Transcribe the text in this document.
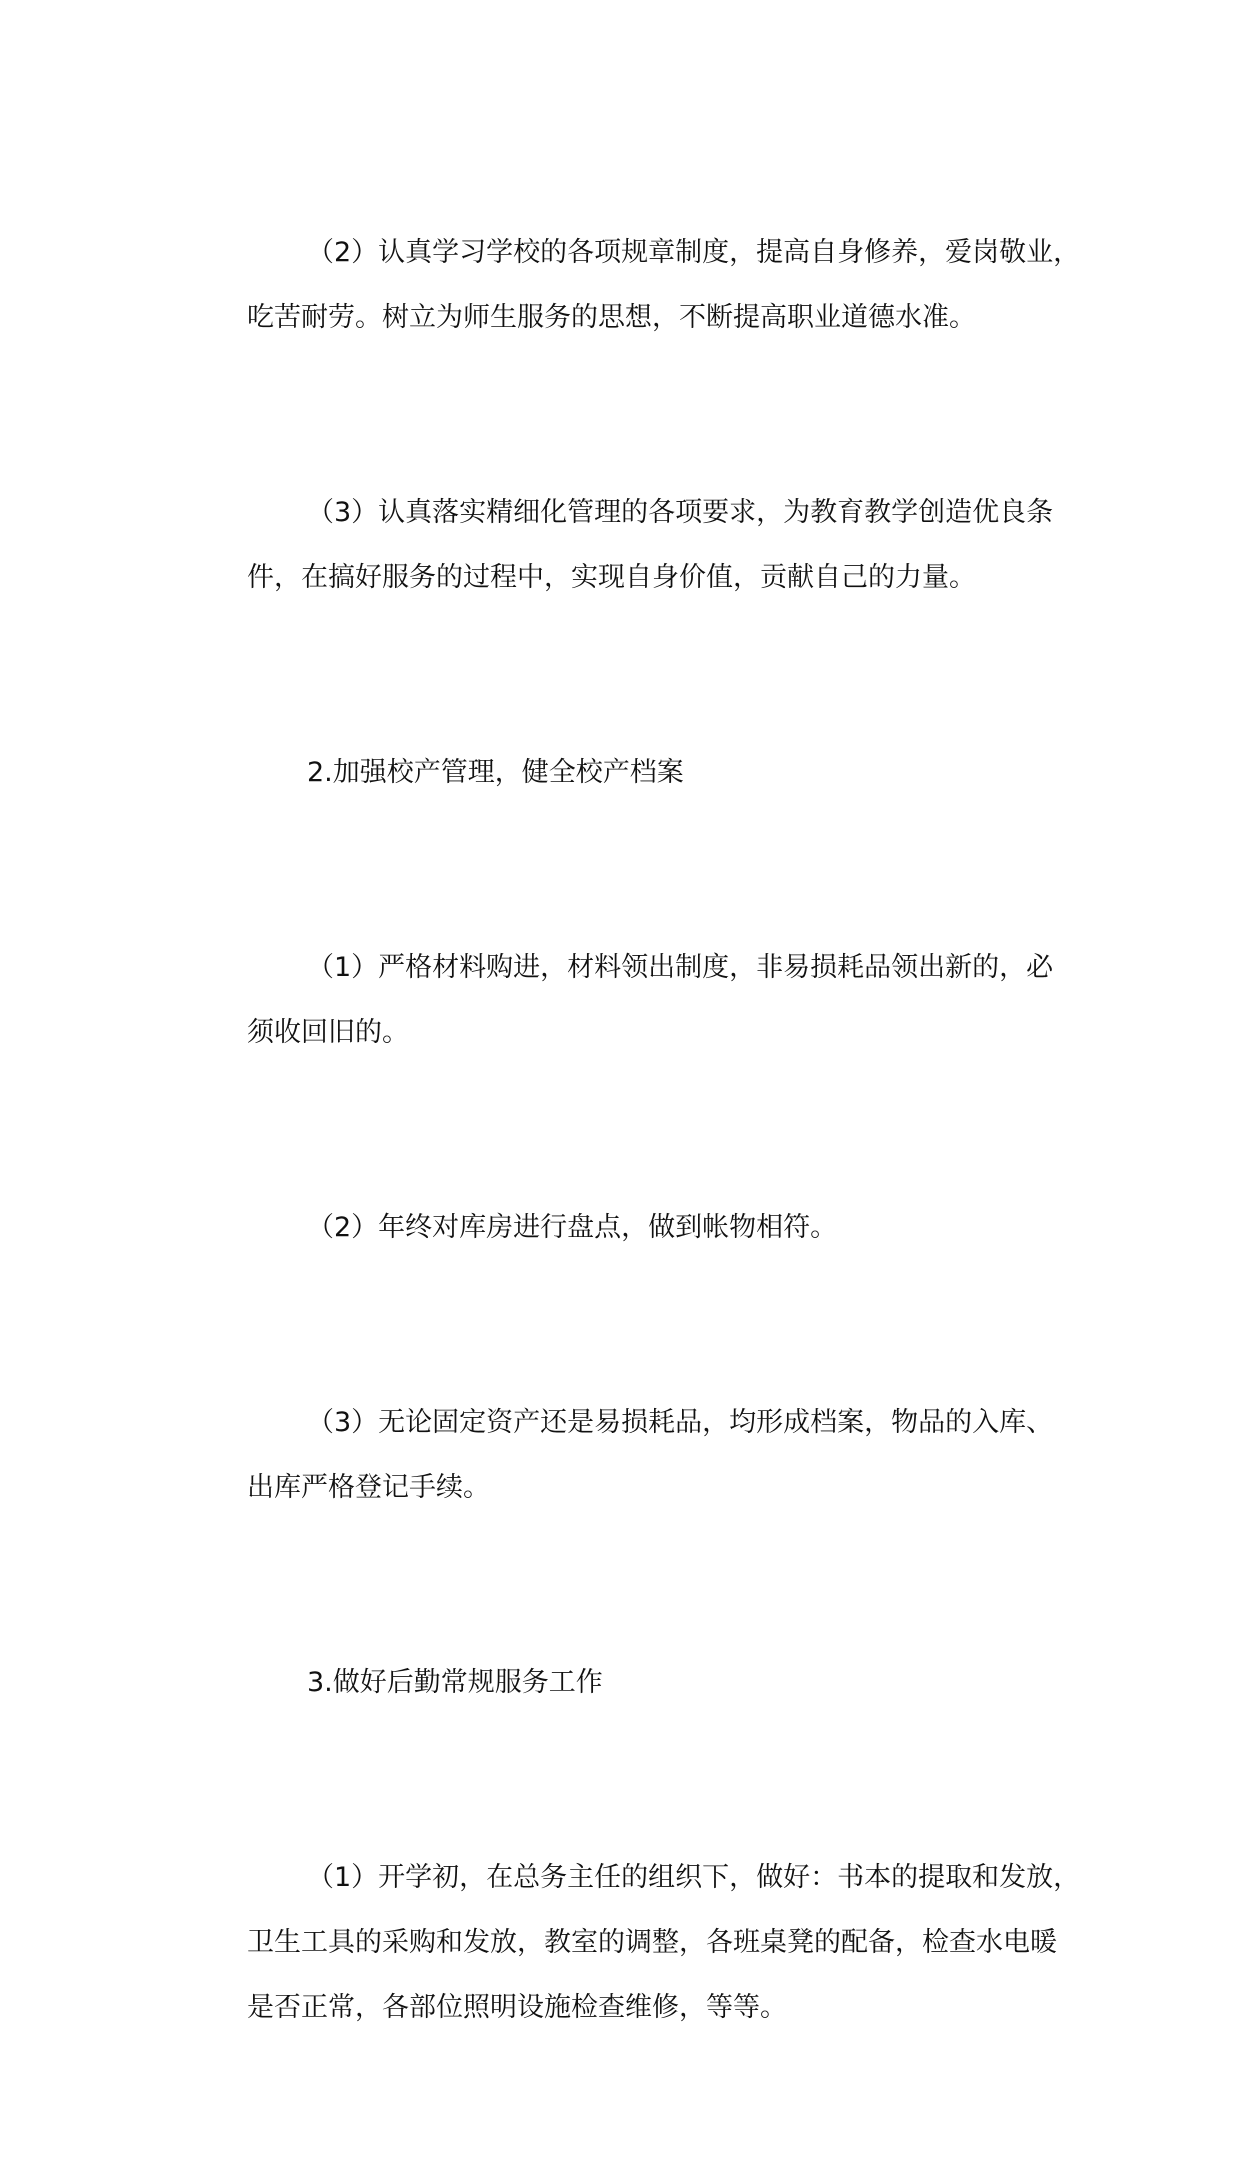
（2）认真学习学校的各项规章制度，提高自身修养，爱岗敬业，
吃苦耐劳。树立为师生服务的思想，不断提高职业道德水准。
（3）认真落实精细化管理的各项要求，为教育教学创造优良条
件，在搞好服务的过程中，实现自身价值，贡献自己的力量。
2.加强校产管理，健全校产档案
（1）严格材料购进，材料领出制度，非易损耗品领出新的，必
须收回旧的。
（2）年终对库房进行盘点，做到帐物相符。
（3）无论固定资产还是易损耗品，均形成档案，物品的入库、
出库严格登记手续。
3.做好后勤常规服务工作
（1）开学初，在总务主任的组织下，做好：书本的提取和发放，
卫生工具的采购和发放，教室的调整，各班桌凳的配备，检查水电暖
是否正常，各部位照明设施检查维修，等等。
